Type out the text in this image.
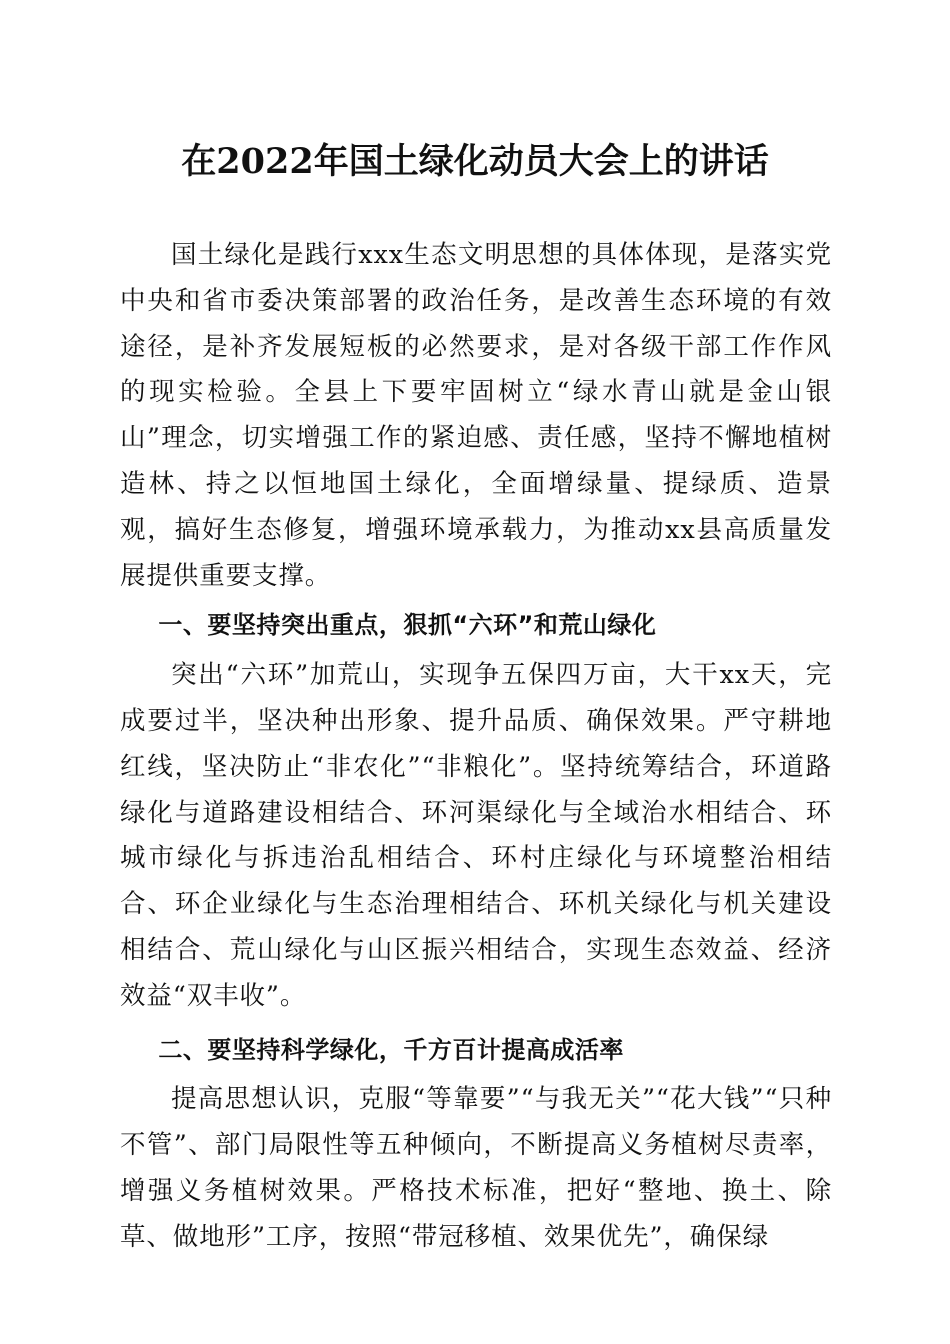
在2022年国土绿化动员大会上的讲话

国土绿化是践行xxx生态文明思想的具体体现，是落实党中央和省市委决策部署的政治任务，是改善生态环境的有效途径，是补齐发展短板的必然要求，是对各级干部工作作风的现实检验。全县上下要牢固树立“绿水青山就是金山银山”理念，切实增强工作的紧迫感、责任感，坚持不懈地植树造林、持之以恒地国土绿化，全面增绿量、提绿质、造景观，搞好生态修复，增强环境承载力，为推动xx县高质量发展提供重要支撑。

一、要坚持突出重点，狠抓“六环”和荒山绿化

突出“六环”加荒山，实现争五保四万亩，大干xx天，完成要过半，坚决种出形象、提升品质、确保效果。严守耕地红线，坚决防止“非农化”“非粮化”。坚持统筹结合，环道路绿化与道路建设相结合、环河渠绿化与全域治水相结合、环城市绿化与拆违治乱相结合、环村庄绿化与环境整治相结合、环企业绿化与生态治理相结合、环机关绿化与机关建设相结合、荒山绿化与山区振兴相结合，实现生态效益、经济效益“双丰收”。

二、要坚持科学绿化，千方百计提高成活率

提高思想认识，克服“等靠要”“与我无关”“花大钱”“只种不管”、部门局限性等五种倾向，不断提高义务植树尽责率，增强义务植树效果。严格技术标准，把好“整地、换土、除草、做地形”工序，按照“带冠移植、效果优先”，确保绿
